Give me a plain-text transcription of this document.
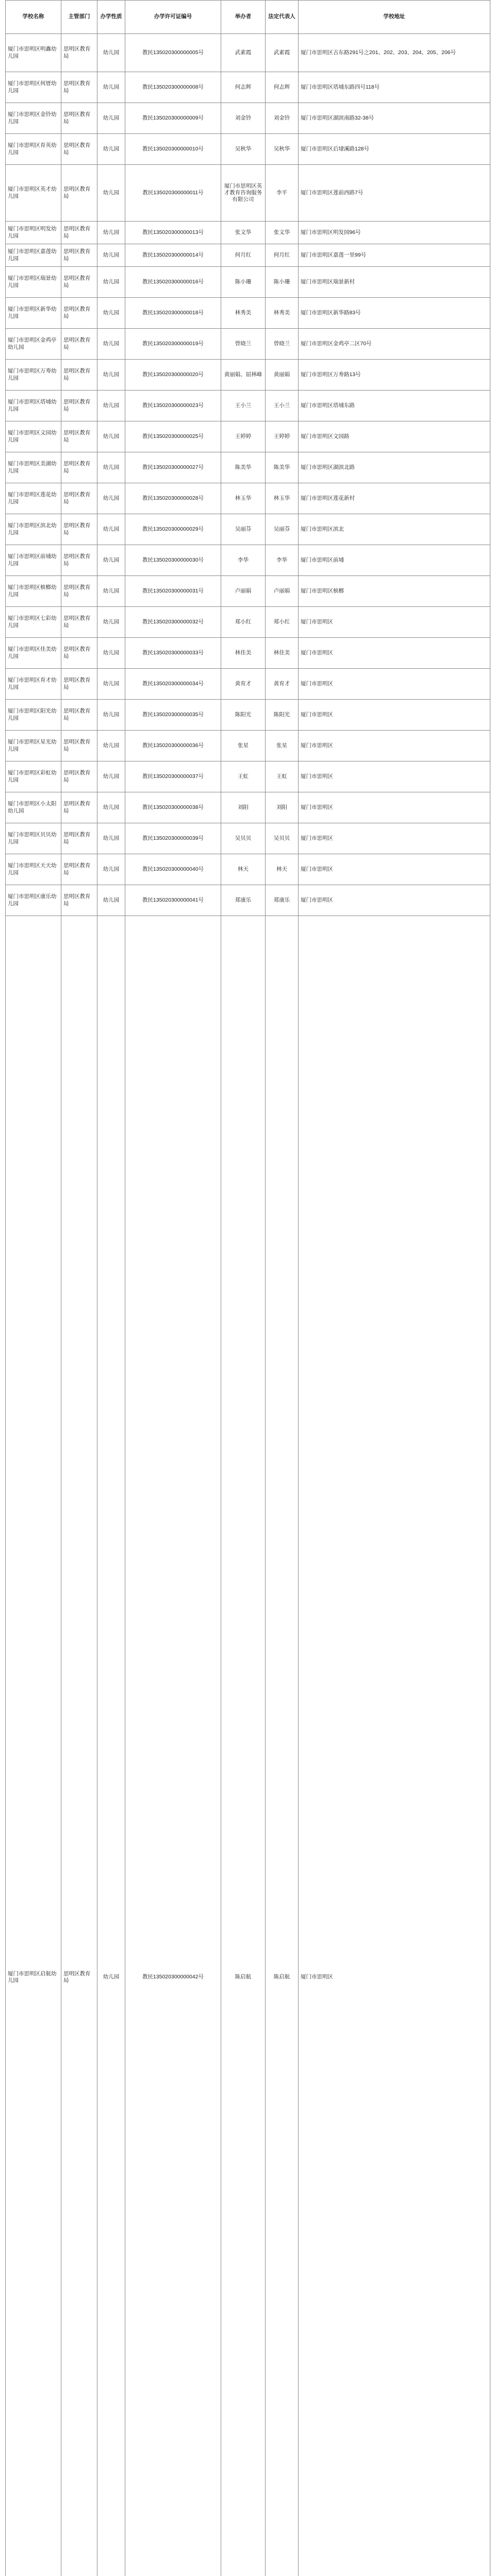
学校名称	主管部门	办学性质	办学许可证编号	举办者	法定代表人	学校地址
厦门市思明区明鑫幼儿园	思明区教育局	幼儿园	教民135020300000005号	武素霞	武素霞	厦门市思明区古东路291号之201、202、203、204、205、206号
厦门市思明区何厝幼儿园	思明区教育局	幼儿园	教民135020300000008号	何志辉	何志辉	厦门市思明区塔埔东路四号118号
厦门市思明区金铃幼儿园	思明区教育局	幼儿园	教民135020300000009号	刘金铃	刘金铃	厦门市思明区湖滨南路32-38号
厦门市思明区育英幼儿园	思明区教育局	幼儿园	教民135020300000010号	吴秋华	吴秋华	厦门市思明区后埭溪路128号
厦门市思明区英才幼儿园	思明区教育局	幼儿园	教民135020300000011号	厦门市思明区英才教育咨询服务有限公司	李平	厦门市思明区莲前西路7号
厦门市思明区明发幼儿园	思明区教育局	幼儿园	教民135020300000013号	张文华	张文华	厦门市思明区明发园96号
厦门市思明区嘉莲幼儿园	思明区教育局	幼儿园	教民135020300000014号	何月红	何月红	厦门市思明区嘉莲一里99号
厦门市思明区瑞景幼儿园	思明区教育局	幼儿园	教民135020300000016号	陈小珊	陈小珊	厦门市思明区瑞景新村
厦门市思明区新华幼儿园	思明区教育局	幼儿园	教民135020300000018号	林秀美	林秀美	厦门市思明区新华路83号
厦门市思明区金鸡亭幼儿园	思明区教育局	幼儿园	教民135020300000019号	曾晓兰	曾晓兰	厦门市思明区金鸡亭二区70号
厦门市思明区万寿幼儿园	思明区教育局	幼儿园	教民135020300000020号	黄丽娟、屈林峰	黄丽娟	厦门市思明区万寿路13号
厦门市思明区塔埔幼儿园	思明区教育局	幼儿园	教民135020300000023号	王小兰	王小兰	厦门市思明区塔埔东路
厦门市思明区文园幼儿园	思明区教育局	幼儿园	教民135020300000025号	王婷婷	王婷婷	厦门市思明区文园路
厦门市思明区美湖幼儿园	思明区教育局	幼儿园	教民135020300000027号	陈美华	陈美华	厦门市思明区湖滨北路
厦门市思明区莲花幼儿园	思明区教育局	幼儿园	教民135020300000028号	林玉华	林玉华	厦门市思明区莲花新村
厦门市思明区滨北幼儿园	思明区教育局	幼儿园	教民135020300000029号	吴丽芬	吴丽芬	厦门市思明区滨北
厦门市思明区前埔幼儿园	思明区教育局	幼儿园	教民135020300000030号	李华	李华	厦门市思明区前埔
厦门市思明区槟榔幼儿园	思明区教育局	幼儿园	教民135020300000031号	卢丽娟	卢丽娟	厦门市思明区槟榔
厦门市思明区七彩幼儿园	思明区教育局	幼儿园	教民135020300000032号	郑小红	郑小红	厦门市思明区
厦门市思明区佳美幼儿园	思明区教育局	幼儿园	教民135020300000033号	林佳美	林佳美	厦门市思明区
厦门市思明区育才幼儿园	思明区教育局	幼儿园	教民135020300000034号	黄育才	黄育才	厦门市思明区
厦门市思明区阳光幼儿园	思明区教育局	幼儿园	教民135020300000035号	陈阳光	陈阳光	厦门市思明区
厦门市思明区星光幼儿园	思明区教育局	幼儿园	教民135020300000036号	张星	张星	厦门市思明区
厦门市思明区彩虹幼儿园	思明区教育局	幼儿园	教民135020300000037号	王虹	王虹	厦门市思明区
厦门市思明区小太阳幼儿园	思明区教育局	幼儿园	教民135020300000038号	刘阳	刘阳	厦门市思明区
厦门市思明区贝贝幼儿园	思明区教育局	幼儿园	教民135020300000039号	吴贝贝	吴贝贝	厦门市思明区
厦门市思明区天天幼儿园	思明区教育局	幼儿园	教民135020300000040号	林天	林天	厦门市思明区
厦门市思明区康乐幼儿园	思明区教育局	幼儿园	教民135020300000041号	郑康乐	郑康乐	厦门市思明区
厦门市思明区启航幼儿园	思明区教育局	幼儿园	教民135020300000042号	陈启航	陈启航	厦门市思明区
